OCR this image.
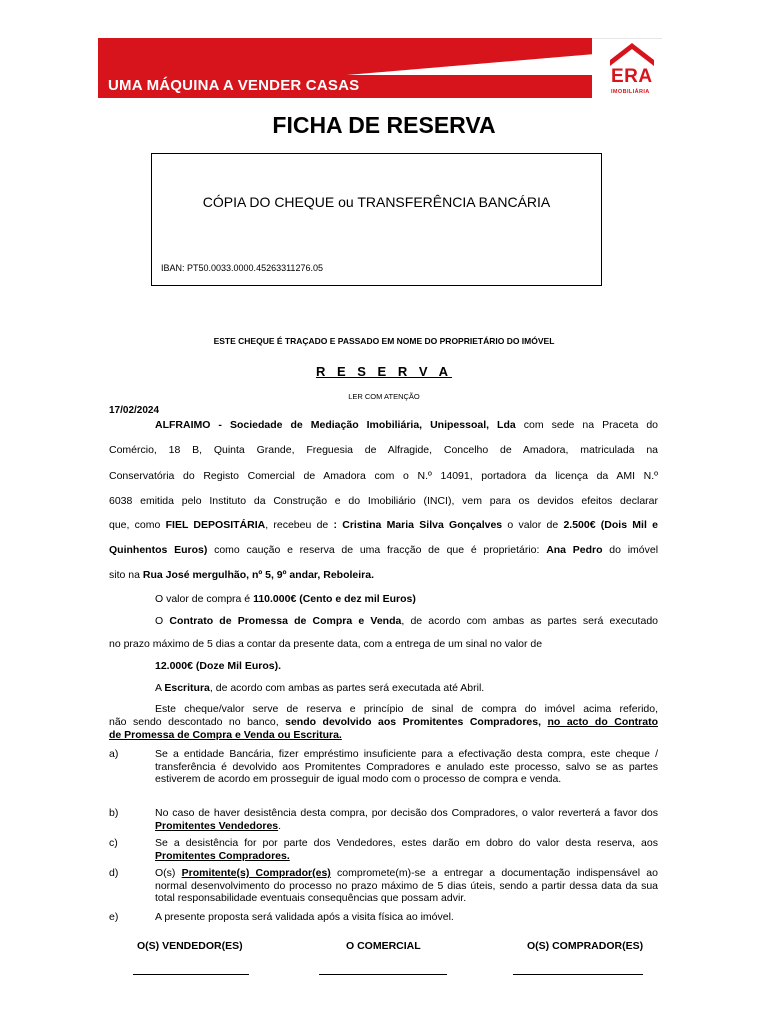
UMA MÁQUINA A VENDER CASAS	ERA
IMOBILIÁRIA
FICHA DE RESERVA
CÓPIA DO CHEQUE ou TRANSFERÊNCIA BANCÁRIA
IBAN: PT50.0033.0000.45263311276.05
ESTE CHEQUE É TRAÇADO E PASSADO EM NOME DO PROPRIETÁRIO DO IMÓVEL
R E S E R V A
LER COM ATENÇÃO
17/02/2024
ALFRAIMO - Sociedade de Mediação Imobiliária, Unipessoal, Lda com sede na Praceta do
Comércio, 18 B, Quinta Grande, Freguesia de Alfragide, Concelho de Amadora, matriculada na
Conservatória do Registo Comercial de Amadora com o N.º 14091, portadora da licença da AMI N.º
6038 emitida pelo Instituto da Construção e do Imobiliário (INCI), vem para os devidos efeitos declarar
que, como FIEL DEPOSITÁRIA, recebeu de : Cristina Maria Silva Gonçalves o valor de 2.500€ (Dois Mil e
Quinhentos Euros) como caução e reserva de uma fracção de que é proprietário: Ana Pedro do imóvel
sito na Rua José mergulhão, nº 5, 9º andar, Reboleira.
O valor de compra é 110.000€ (Cento e dez mil Euros)
O Contrato de Promessa de Compra e Venda, de acordo com ambas as partes será executado
no prazo máximo de 5 dias a contar da presente data, com a entrega de um sinal no valor de
12.000€ (Doze Mil Euros).
A Escritura, de acordo com ambas as partes será executada até Abril.
Este cheque/valor serve de reserva e princípio de sinal de compra do imóvel acima referido,
não sendo descontado no banco, sendo devolvido aos Promitentes Compradores, no acto do Contrato
de Promessa de Compra e Venda ou Escritura.
a)	Se a entidade Bancária, fizer empréstimo insuficiente para a efectivação desta compra, este cheque / transferência é devolvido aos Promitentes Compradores e anulado este processo, salvo se as partes estiverem de acordo em prosseguir de igual modo com o processo de compra e venda.
b)	No caso de haver desistência desta compra, por decisão dos Compradores, o valor reverterá a favor dos Promitentes Vendedores.
c)	Se a desistência for por parte dos Vendedores, estes darão em dobro do valor desta reserva, aos Promitentes Compradores.
d)	O(s) Promitente(s) Comprador(es) compromete(m)-se a entregar a documentação indispensável ao normal desenvolvimento do processo no prazo máximo de 5 dias úteis, sendo a partir dessa data da sua total responsabilidade eventuais consequências que possam advir.
e)	A presente proposta será validada após a visita física ao imóvel.
O(S) VENDEDOR(ES)	O COMERCIAL	O(S) COMPRADOR(ES)
